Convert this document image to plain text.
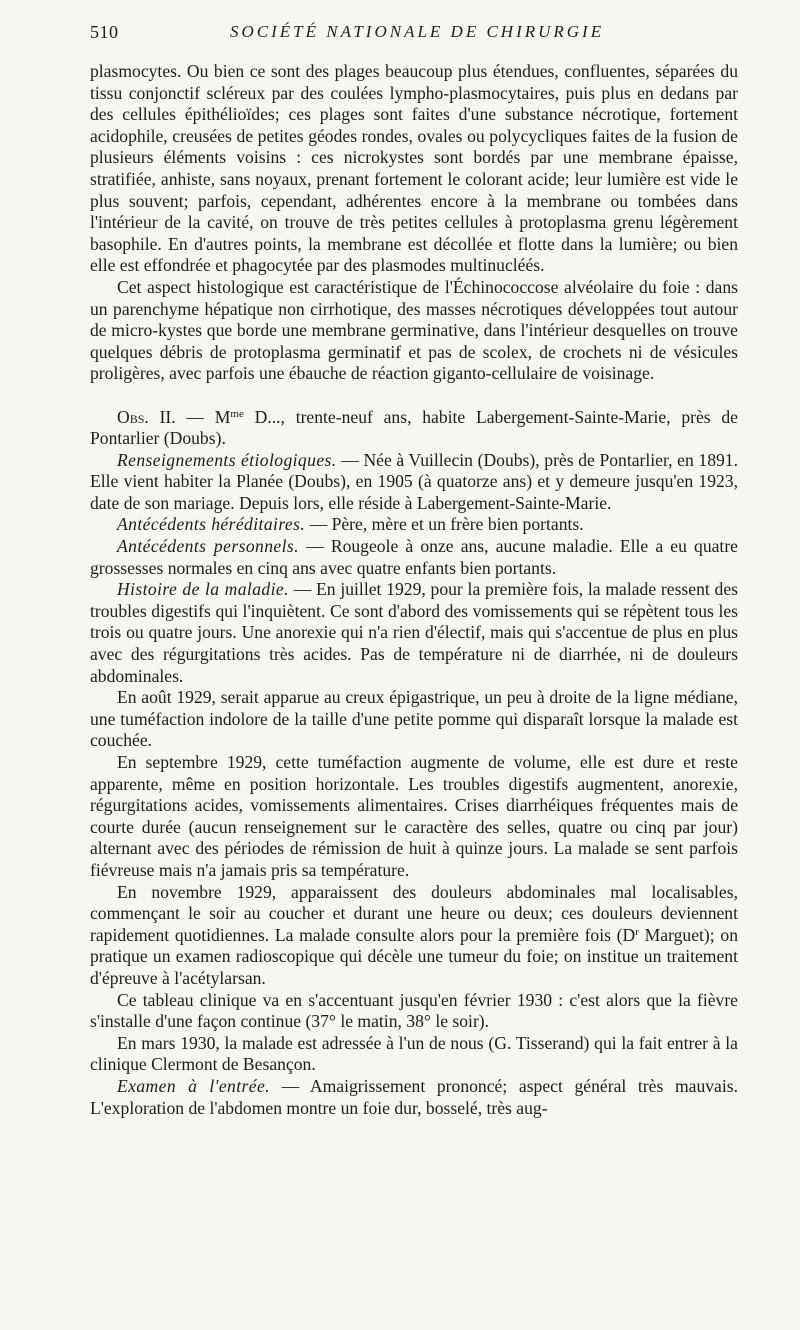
510	SOCIÉTÉ NATIONALE DE CHIRURGIE

plasmocytes. Ou bien ce sont des plages beaucoup plus étendues, confluentes, séparées du tissu conjonctif scléreux par des coulées lympho-plasmocytaires, puis plus en dedans par des cellules épithélioïdes; ces plages sont faites d'une substance nécrotique, fortement acidophile, creusées de petites géodes rondes, ovales ou polycycliques faites de la fusion de plusieurs éléments voisins : ces nicrokystes sont bordés par une membrane épaisse, stratifiée, anhiste, sans noyaux, prenant fortement le colorant acide; leur lumière est vide le plus souvent; parfois, cependant, adhérentes encore à la membrane ou tombées dans l'intérieur de la cavité, on trouve de très petites cellules à protoplasma grenu légèrement basophile. En d'autres points, la membrane est décollée et flotte dans la lumière; ou bien elle est effondrée et phagocytée par des plasmodes multinucléés.

Cet aspect histologique est caractéristique de l'Échinococcose alvéolaire du foie : dans un parenchyme hépatique non cirrhotique, des masses nécrotiques développées tout autour de micro-kystes que borde une membrane germinative, dans l'intérieur desquelles on trouve quelques débris de protoplasma germinatif et pas de scolex, de crochets ni de vésicules proligères, avec parfois une ébauche de réaction giganto-cellulaire de voisinage.

Obs. II. — $M^{me}$ D..., trente-neuf ans, habite Labergement-Sainte-Marie, près de Pontarlier (Doubs).

Renseignements étiologiques. — Née à Vuillecin (Doubs), près de Pontarlier, en 1891. Elle vient habiter la Planée (Doubs), en 1905 (à quatorze ans) et y demeure jusqu'en 1923, date de son mariage. Depuis lors, elle réside à Labergement-Sainte-Marie.

Antécédents héréditaires. — Père, mère et un frère bien portants.

Antécédents personnels. — Rougeole à onze ans, aucune maladie. Elle a eu quatre grossesses normales en cinq ans avec quatre enfants bien portants.

Histoire de la maladie. — En juillet 1929, pour la première fois, la malade ressent des troubles digestifs qui l'inquiètent. Ce sont d'abord des vomissements qui se répètent tous les trois ou quatre jours. Une anorexie qui n'a rien d'électif, mais qui s'accentue de plus en plus avec des régurgitations très acides. Pas de température ni de diarrhée, ni de douleurs abdominales.

En août 1929, serait apparue au creux épigastrique, un peu à droite de la ligne médiane, une tuméfaction indolore de la taille d'une petite pomme qui disparaît lorsque la malade est couchée.

En septembre 1929, cette tuméfaction augmente de volume, elle est dure et reste apparente, même en position horizontale. Les troubles digestifs augmentent, anorexie, régurgitations acides, vomissements alimentaires. Crises diarrhéiques fréquentes mais de courte durée (aucun renseignement sur le caractère des selles, quatre ou cinq par jour) alternant avec des périodes de rémission de huit à quinze jours. La malade se sent parfois fiévreuse mais n'a jamais pris sa température.

En novembre 1929, apparaissent des douleurs abdominales mal localisables, commençant le soir au coucher et durant une heure ou deux; ces douleurs deviennent rapidement quotidiennes. La malade consulte alors pour la première fois ($D^r$ Marguet); on pratique un examen radioscopique qui décèle une tumeur du foie; on institue un traitement d'épreuve à l'acétylarsan.

Ce tableau clinique va en s'accentuant jusqu'en février 1930 : c'est alors que la fièvre s'installe d'une façon continue (37° le matin, 38° le soir).

En mars 1930, la malade est adressée à l'un de nous (G. Tisserand) qui la fait entrer à la clinique Clermont de Besançon.

Examen à l'entrée. — Amaigrissement prononcé; aspect général très mauvais. L'exploration de l'abdomen montre un foie dur, bosselé, très aug-
